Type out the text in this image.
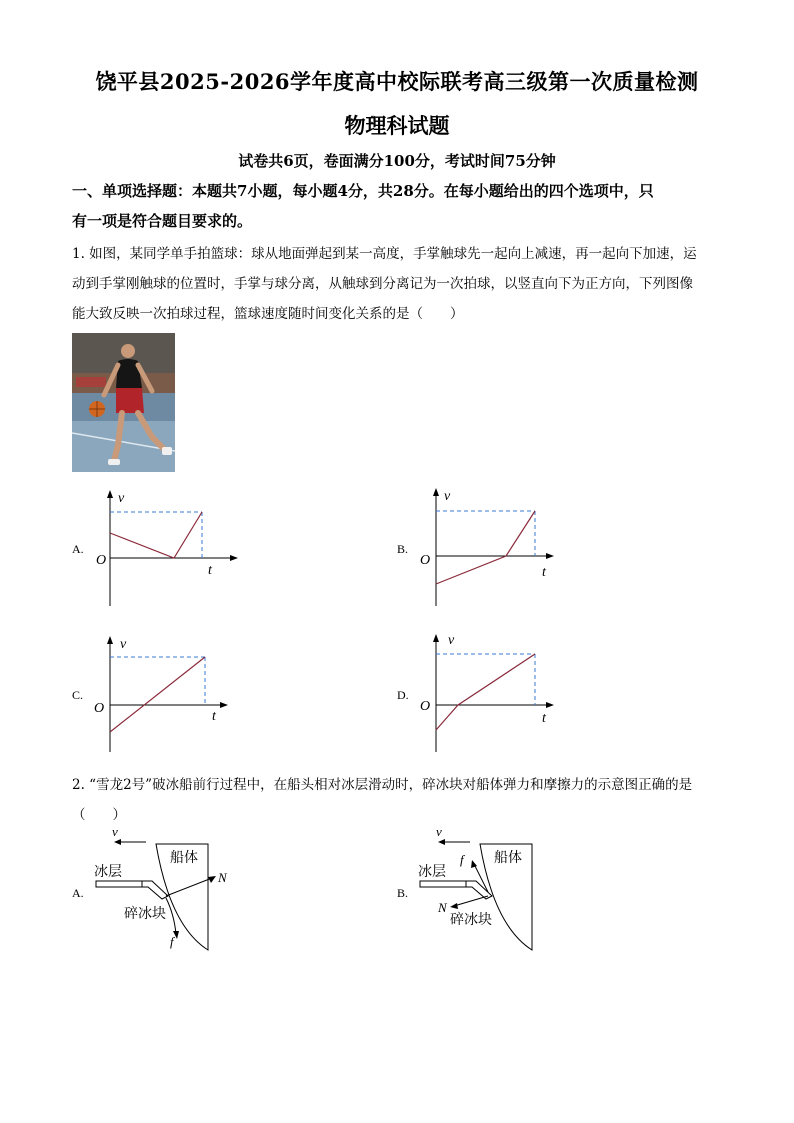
饶平县2025-2026学年度高中校际联考高三级第一次质量检测
物理科试题
试卷共6页，卷面满分100分，考试时间75分钟
一、单项选择题：本题共7小题，每小题4分，共28分。在每小题给出的四个选项中，只
有一项是符合题目要求的。
1. 如图，某同学单手拍篮球：球从地面弹起到某一高度，手掌触球先一起向上减速，再一起向下加速，运
动到手掌刚触球的位置时，手掌与球分离，从触球到分离记为一次拍球，以竖直向下为正方向，下列图像
能大致反映一次拍球过程，篮球速度随时间变化关系的是（　　）
A.
v
O
t
B.
v
O
t
C.
v
O
t
D.
v
O
t
2. “雪龙2号”破冰船前行过程中，在船头相对冰层滑动时，碎冰块对船体弹力和摩擦力的示意图正确的是
（　　）
A.
v
船体
冰层
碎冰块
N
f
B.
v
船体
冰层
碎冰块
f
N
